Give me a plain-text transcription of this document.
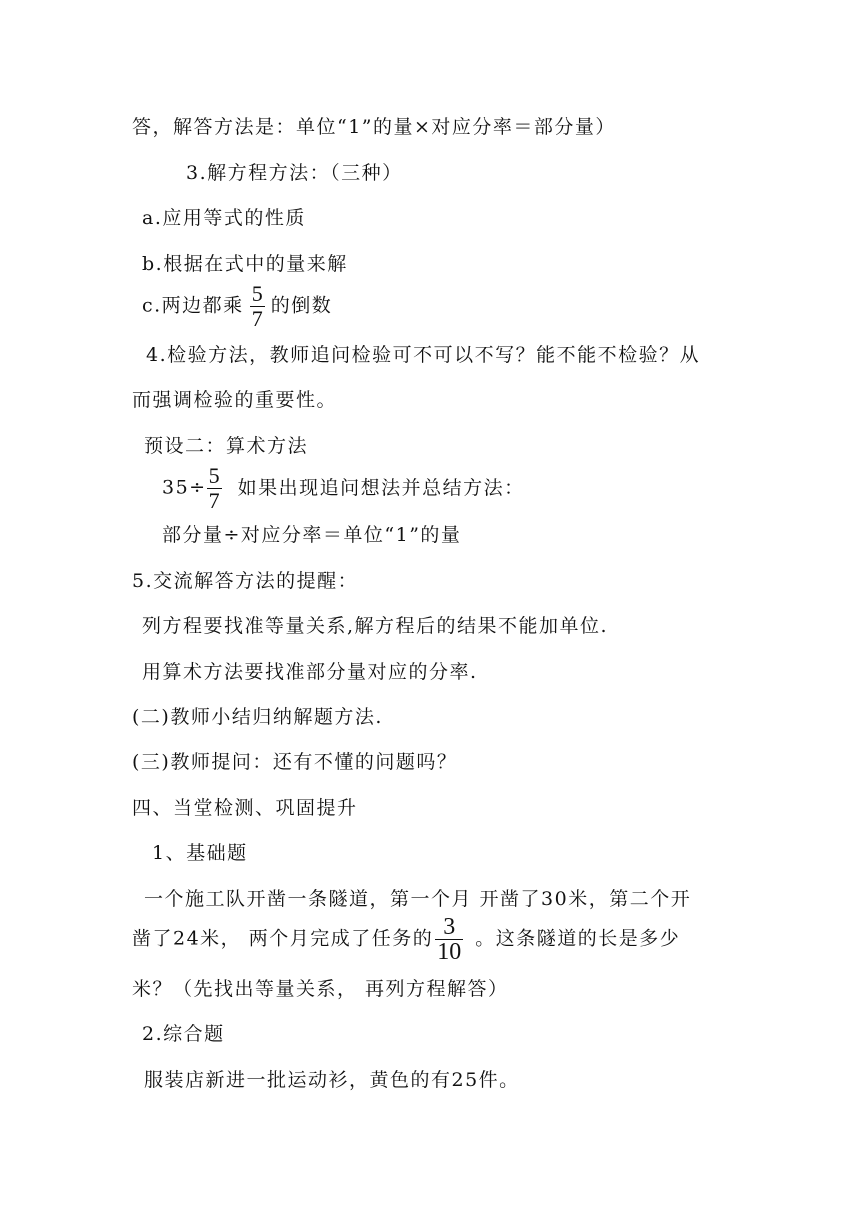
答，解答方法是：单位“1”的量×对应分率＝部分量）
3.解方程方法：（三种）
a.应用等式的性质
b.根据在式中的量来解
c.两边都乘 $\frac{5}{7}$ 的倒数
4.检验方法，教师追问检验可不可以不写？能不能不检验？从
而强调检验的重要性。
预设二：算术方法
$35\div \frac{5}{7}$ 如果出现追问想法并总结方法：
部分量÷对应分率＝单位“1”的量
5.交流解答方法的提醒：
列方程要找准等量关系,解方程后的结果不能加单位.
用算术方法要找准部分量对应的分率.
(二)教师小结归纳解题方法.
(三)教师提问：还有不懂的问题吗？
四、当堂检测、巩固提升
1、基础题
一个施工队开凿一条隧道，第一个月 开凿了30米，第二个开
凿了24米， 两个月完成了任务的 $\frac{3}{10}$ 。这条隧道的长是多少
米？（先找出等量关系， 再列方程解答）
2.综合题
服装店新进一批运动衫，黄色的有25件。
